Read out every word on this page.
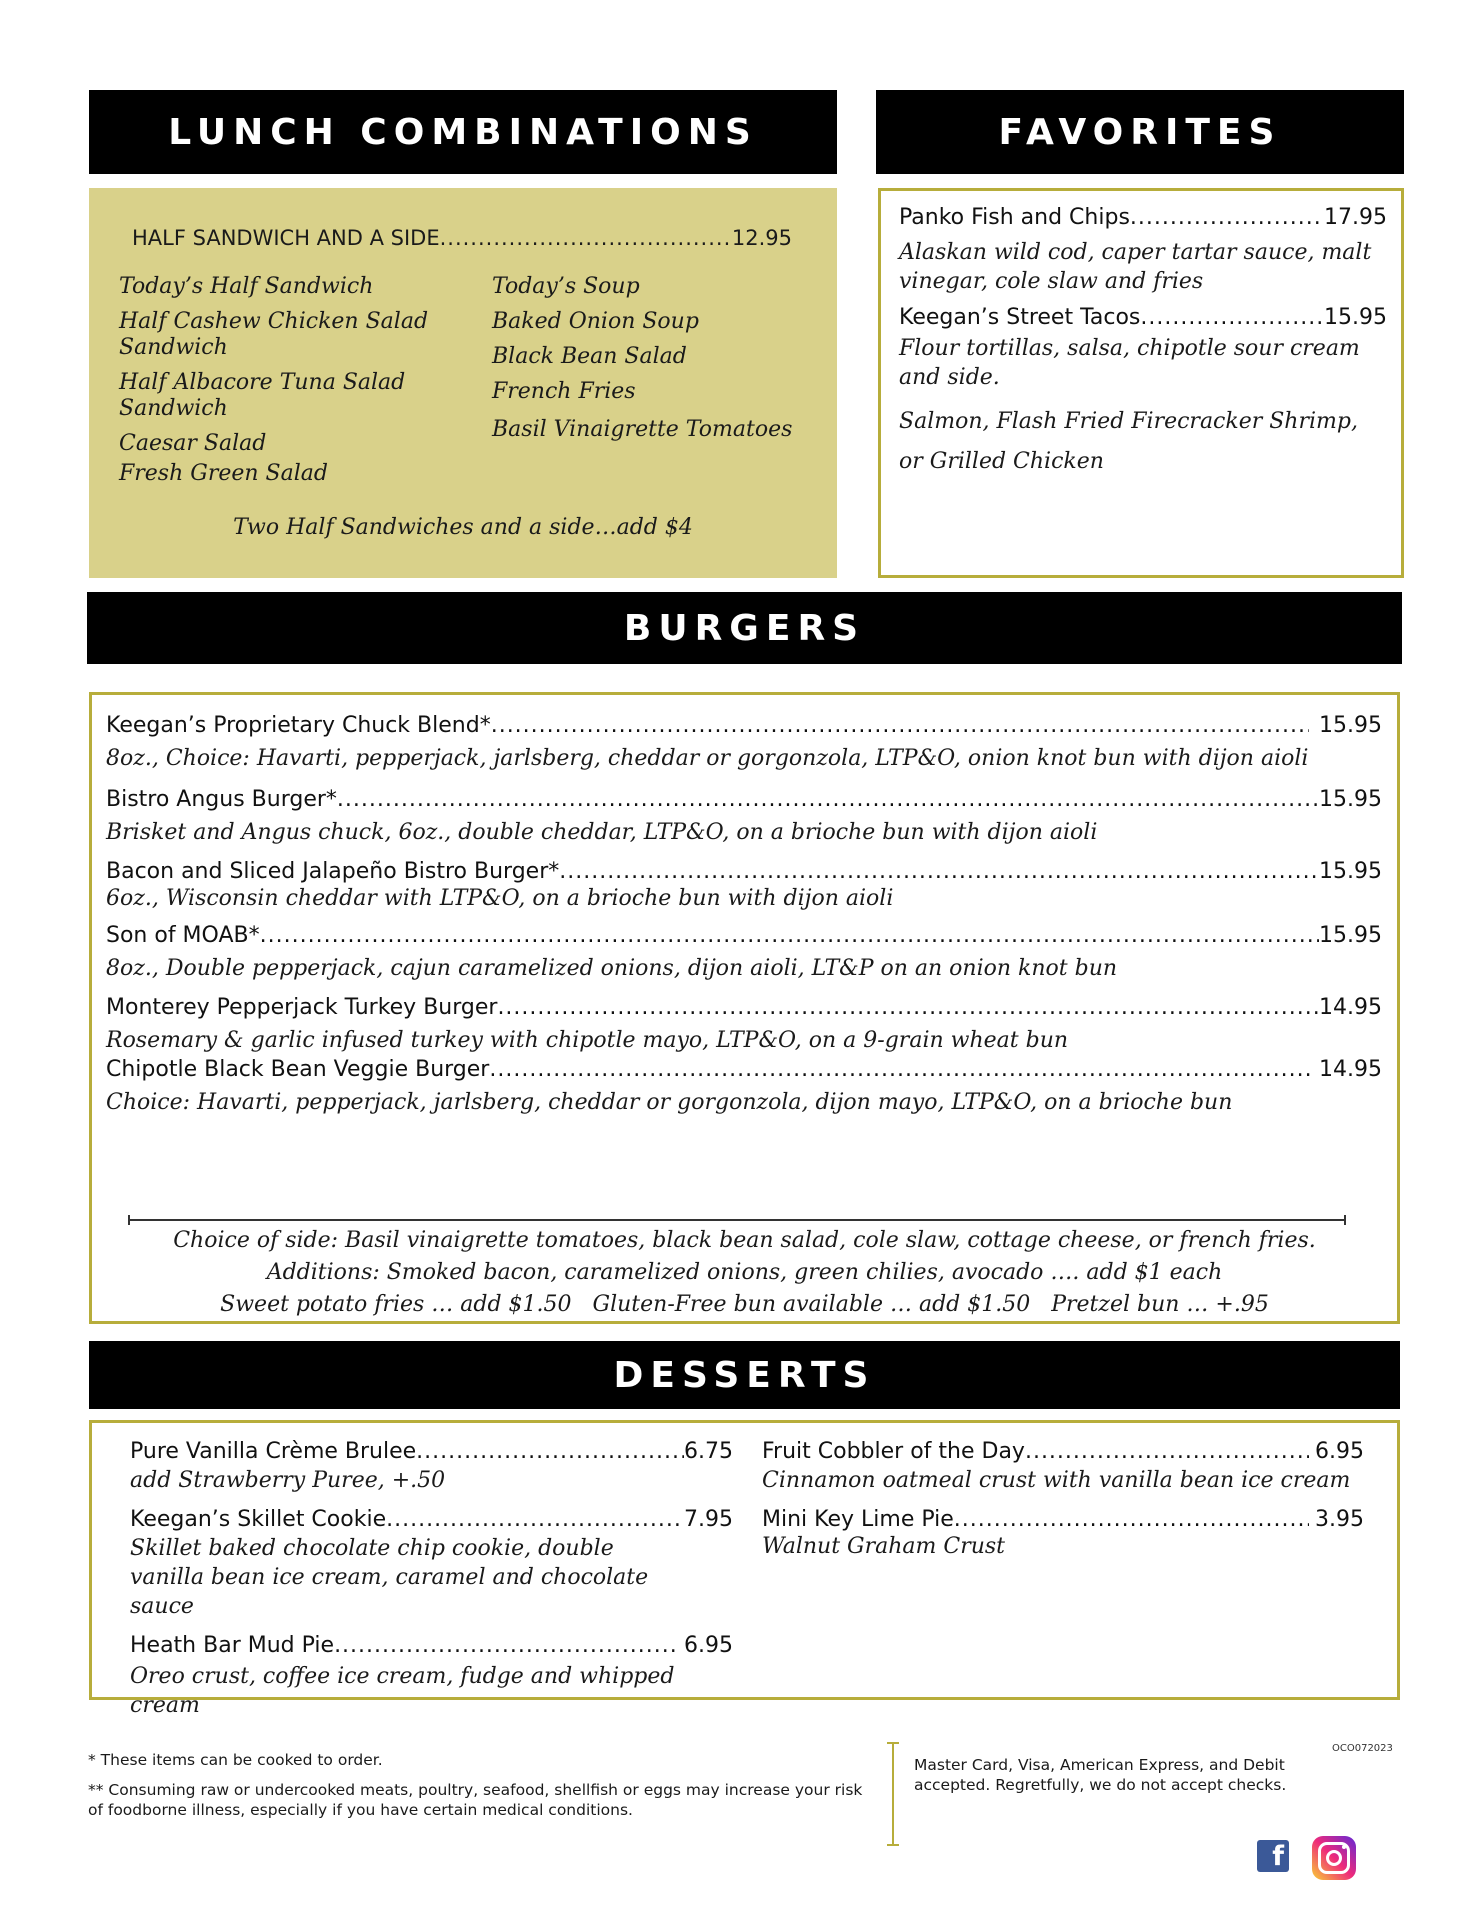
LUNCH COMBINATIONS
HALF SANDWICH AND A SIDE .....	12.95
Today’s Half Sandwich
Half Cashew Chicken Salad Sandwich
Half Albacore Tuna Salad Sandwich
Caesar Salad
Fresh Green Salad
Today’s Soup
Baked Onion Soup
Black Bean Salad
French Fries
Basil Vinaigrette Tomatoes
Two Half Sandwiches and a side…add $4
FAVORITES
Panko Fish and Chips .....	17.95
Alaskan wild cod, caper tartar sauce, malt vinegar, cole slaw and fries
Keegan’s Street Tacos .....	15.95
Flour tortillas, salsa, chipotle sour cream and side.
Salmon, Flash Fried Firecracker Shrimp, or Grilled Chicken
BURGERS
Keegan’s Proprietary Chuck Blend* .....	15.95
8oz., Choice: Havarti, pepperjack, jarlsberg, cheddar or gorgonzola, LTP&O, onion knot bun with dijon aioli
Bistro Angus Burger* .....	15.95
Brisket and Angus chuck, 6oz., double cheddar, LTP&O, on a brioche bun with dijon aioli
Bacon and Sliced Jalapeño Bistro Burger* .....	15.95
6oz., Wisconsin cheddar with LTP&O, on a brioche bun with dijon aioli
Son of MOAB* .....	15.95
8oz., Double pepperjack, cajun caramelized onions, dijon aioli, LT&P on an onion knot bun
Monterey Pepperjack Turkey Burger .....	14.95
Rosemary & garlic infused turkey with chipotle mayo, LTP&O, on a 9-grain wheat bun
Chipotle Black Bean Veggie Burger .....	14.95
Choice: Havarti, pepperjack, jarlsberg, cheddar or gorgonzola, dijon mayo, LTP&O, on a brioche bun
Choice of side: Basil vinaigrette tomatoes, black bean salad, cole slaw, cottage cheese, or french fries.
Additions: Smoked bacon, caramelized onions, green chilies, avocado …. add $1 each
Sweet potato fries … add $1.50   Gluten-Free bun available … add $1.50   Pretzel bun … +.95
DESSERTS
Pure Vanilla Crème Brulee .....	6.75
add Strawberry Puree, +.50
Keegan’s Skillet Cookie .....	7.95
Skillet baked chocolate chip cookie, double vanilla bean ice cream, caramel and chocolate sauce
Heath Bar Mud Pie .....	6.95
Oreo crust, coffee ice cream, fudge and whipped cream
Fruit Cobbler of the Day .....	6.95
Cinnamon oatmeal crust with vanilla bean ice cream
Mini Key Lime Pie .....	3.95
Walnut Graham Crust

* These items can be cooked to order.

** Consuming raw or undercooked meats, poultry, seafood, shellfish or eggs may increase your risk of foodborne illness, especially if you have certain medical conditions.

Master Card, Visa, American Express, and Debit accepted. Regretfully, we do not accept checks.
OCO072023
f
